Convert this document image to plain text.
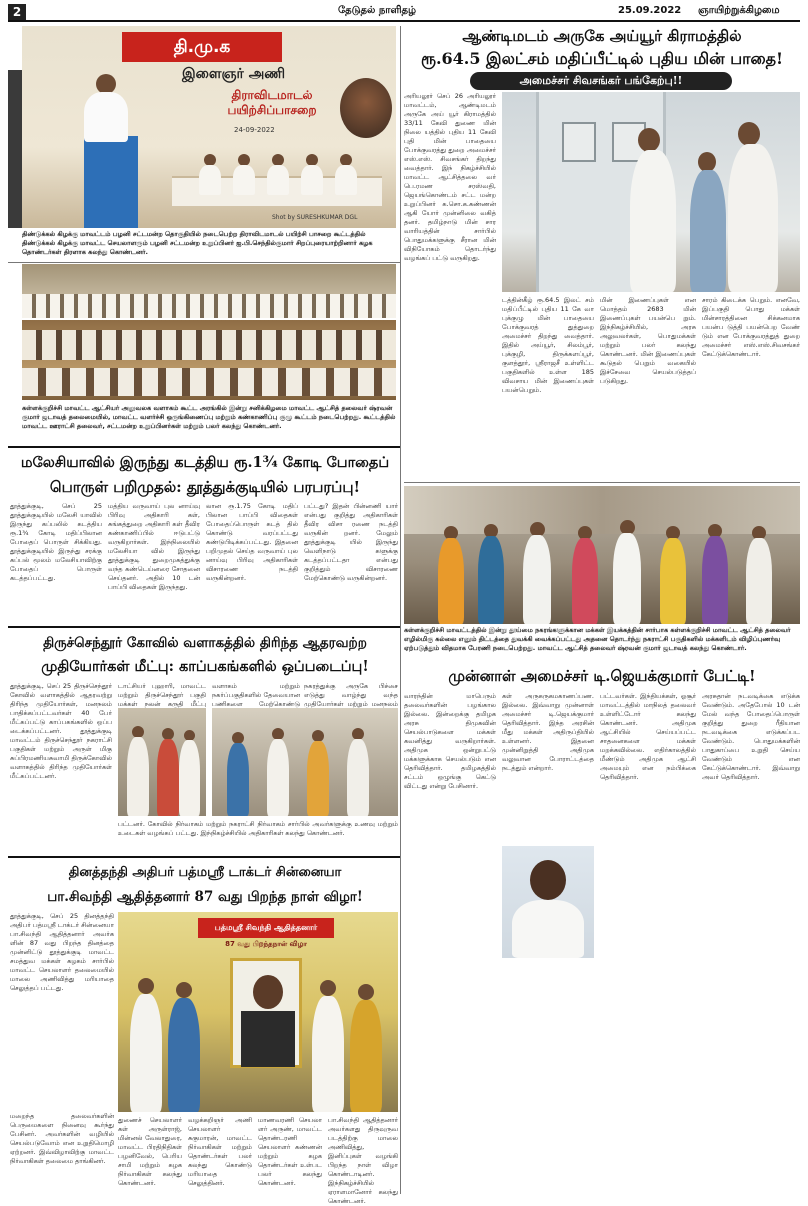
2	தேடுதல் நாளிதழ்	25.09.2022 ஞாயிற்றுக்கிழமை
தி.மு.க
இளைஞர் அணி
திராவிடமாடல் பயிற்சிப்பாசறை
24-09-2022
Shot by SURESHKUMAR DGL
திண்டுக்கல் கிழக்கு மாவட்டம் பழனி சட்டமன்ற தொகுதியில் நடைபெற்ற திராவிடமாடல் பயிற்சி பாசறை கூட்டத்தில் திண்டுக்கல் கிழக்கு மாவட்ட செயலாளரும் பழனி சட்டமன்ற உறுப்பினர் ஐ.பி.செந்தில்குமார் சிறப்புரையாற்றினார் கழக தொண்டர்கள் திரளாக கலந்து கொண்டனர்.
ஆண்டிமடம் அருகே அய்யூர் கிராமத்தில்
ரூ.64.5 இலட்சம் மதிப்பீட்டில் புதிய மின் பாதை!
அமைச்சர் சிவசங்கர் பங்கேற்பு!!
அரியலூர் செப் 26 அரியலூர் மாவட்டம், ஆண்டிமடம் அருகே அய் யூர் கிராமத்தில் 33/11 கேவி துணை மின் நிலை யத்தில் புதிய 11 கேவி புதி மின் பாதையை போக்குவரத்து துறை அமைச்சர் எஸ்.எஸ். சிவசங்கர் திறந்து வைத்தார். இந் நிகழ்ச்சியில் மாவட்ட ஆட்சித்தலை வர் பெ.ரமண சரஸ்வதி, ஜெயங்கொண்டம் சட்ட மன்ற உறுப்பினர் க.சொ.க.கண்ணன் ஆகி யோர் முன்னிலை வகித் தனர். தமிழ்நாடு மின் சார வாரியத்தின் சார்பில் பொதுமக்களுக்கு சீரான மின் விநியோகம் தொடர்ந்து வழங்கப் பட்டு வருகிறது.
டத்தின்கீழ் ரூ.64.5 இலட் சம் மதிப்பீட்டில் புதிய 11 கே வா புக்குழு மின் பாதையை போக்குவரத் துத்துறை அமைச்சர் திறந்து வைத்தார். இதில் அய்யூர், சிலம்பூர், புக்குழி, திருக்களப்பூர், குளத்தூர், ஸ்ரீராஜசீ உள்ளிட்ட பகுதிகளில் உள்ள 185 விவசாய மின் இணைப்புகள் பயன்பெறும்.
மின் இணைப்புகள் என மொத்தம் 2683 மின் இணைப்புகள் பயன்பெ றும். இந்நிகழ்ச்சியில், அரசு அலுவலர்கள், பொதுமக்கள் மற்றும் பலர் கலந்து கொண்டனர். மின் இணைப்புகள் கூடுதல் பெறும் வகையில் இச்சேவை செயல்படுத்தப் படுகிறது.
சாரம் கிடைக்க பெறும். எனவே, இப்பகுதி பொது மக்கள் மின்சாரத்தினை சிக்கனமாக பயன்ப டுத்தி பயன்பெற வேண் டும் என போக்குவரத்துத் துறை அமைச்சர் எஸ்.எஸ்.சிவசங்கர் கேட்டுக்கொண்டார்.
கள்ளக்குறிச்சி மாவட்ட ஆட்சியர் அலுவலக வளாகம் கூட்ட அரங்கில் இன்று சனிக்கிழமை மாவட்ட ஆட்சித் தலைவர் ஷ்ரவன் குமார் ஜடாவத் தலைமையில், மாவட்ட வளர்ச்சி ஒருங்கிணைப்பு மற்றும் கண்காணிப்பு குழு கூட்டம் நடைபெற்றது. கூட்டத்தில் மாவட்ட ஊராட்சி தலைவர், சட்டமன்ற உறுப்பினர்கள் மற்றும் பலர் கலந்து கொண்டனர்.
மலேசியாவில் இருந்து கடத்திய ரூ.1¾ கோடி போதைப்
பொருள் பறிமுதல்: தூத்துக்குடியில் பரபரப்பு!
தூத்துக்குடி, செப் 25 தூத்துக்குடியில் மலேசி யாவில் இருந்து கப்பலில் கடத்திய ரூ.1¾ கோடி மதிப்பிலான போதைப் பொருள் சிக்கியது. தூத்துக்குடியில் இருந்து சரக்கு கப்பல் மூலம் மலேசியாவிற்கு போதைப் பொருள் கடத்தப்பட்டது.
மத்திய வருவாய் புல னாய்வு பிரிவு அதிகாரி கள், சுங்கத்துறை அதிகாரி கள் தீவிர கண்காணிப்பில் ஈடுபட்டு வருகிறார்கள். இந்நிலையில் மலேசியா வில் இருந்து தூத்துக்குடி துறைமுகத்துக்கு வந்த கண்டெய்னரை சோதனை செய்தனர். அதில் 10 டன் பாப்பி விதைகள் இருந்தது.
லான ரூ.1.75 கோடி மதிப் பிலான பாப்பி விதைகள் போதைப்பொருள் கடத் தில் கொண்டு வரப்பட்டது கண்டுபிடிக்கப்பட்டது. இதனை பறிமுதல் செய்த வருவாய் புல னாய்வு பிரிவு அதிகாரிகள் விசாரணை நடத்தி வருகின்றனர்.
பட்டது? இதன் பின்னணி யார் என்பது குறித்து அதிகாரிகள் தீவிர விசா ரணை நடத்தி வருகின் றனர். மேலும் தூத்துக்குடி யில் இருந்து வெளிநாடு களுக்கு கடத்தப்பட்டதா என்பது குறித்தும் விசாரணை மேற்கொண்டு வருகின்றனர்.
கள்ளக்குறிச்சி மாவட்டத்தில் இன்று தூய்மை நகரங்களுக்கான மக்கள் இயக்கத்தின் சார்பாக கள்ளக்குறிச்சி மாவட்ட ஆட்சித் தலைவர் எழில்மிகு கல்லை எனும் திட்டத்தை துவக்கி வைக்கப்பட்டது அதனை தொடர்ந்து நகராட்சி பகுதிகளில் மக்களிடம் விழிப்புணர்வு ஏற்படுத்தும் விதமாக பேரணி நடைபெற்றது. மாவட்ட ஆட்சித் தலைவர் ஷ்ரவன் குமார் ஜடாவத் கலந்து கொண்டார்.
திருச்செந்தூர் கோவில் வளாகத்தில் திரிந்த ஆதரவற்ற
முதியோர்கள் மீட்பு: காப்பகங்களில் ஒப்படைப்பு!
தூத்துக்குடி, செப் 25 திருச்செந்தூர் கோவில் வளாகத்தில் ஆதரவற்று திரிந்த முதியோர்கள், மனநலம் பாதிக்கப்பட்டவர்கள் 40 பேர் மீட்கப்பட்டு காப்பகங்களில் ஒப்ப டைக்கப்பட்டனர். தூத்துக்குடி மாவட்டம் திருச்செந்தூர் நகராட்சி பகுதிகள் மற்றும் அருள் மிகு சுப்பிரமணியசுவாமி திருக்கோவில் வளாகத்தில் திரிந்த முதியோர்கள் மீட்கப்பட்டனர்.
டாட்சியர் புஹாரி, மாவட்ட மற்றும் திருச்செந்தூர் பகுதி மக்கள் நலன் கருதி மீட்பு
வளாகம் மற்றும் நகர்ப்பகுதிகளில் தேவையான பணிகளை மேற்கொண்டு
நகரத்துக்கு அருகே பிச்சை எடுத்து வாழ்ந்து வந்த முதியோர்கள் மற்றும் மனநலம்
பட்டனர். கோவில் நிர்வாகம் மற்றும் நகராட்சி நிர்வாகம் சார்பில் அவர்களுக்கு உணவு மற்றும் உடைகள் வழங்கப் பட்டது. இந்நிகழ்ச்சியில் அதிகாரிகள் கலந்து கொண்டனர்.
முன்னாள் அமைச்சர் டி.ஜெயக்குமார் பேட்டி!
வாரந்தின் மாபெரும் தலைவர்களின் பழங்கால இல்லை. இன்றைக்கு தமிழக அரசு திமுகவின் செயல்பாடுகளை மக்கள் கவனித்து வருகிறார்கள். அதிமுக ஒன்றுபட்டு மக்களுக்காக செயல்படும் என தெரிவித்தார். தமிழகத்தில் சட்டம் ஒழுங்கு கெட்டு விட்டது என்று பேசினார்.
கள் அருகருகமகாணப்பண. இல்லை. இவ்வாறு முன்னாள் அமைச்சர் டி.ஜெயக்குமார் தெரிவித்தார். இந்த அரசின் மீது மக்கள் அதிருப்தியில் உள்ளனர். இதனை முன்னிறுத்தி அதிமுக வலுவான போராட்டத்தை நடத்தும் என்றார்.
பட்டவர்கள். இந்தியக்கள், ஓசூர் மாவட்டத்தில் மாநிலத் தலைவர் உள்ளிட்டோர் கலந்து கொண்டனர். அதிமுக ஆட்சியில் செய்யப்பட்ட சாதனைகளை மக்கள் மறக்கவில்லை. எதிர்காலத்தில் மீண்டும் அதிமுக ஆட்சி அமையும் என நம்பிக்கை தெரிவித்தார்.
அரசுதான் நடவடிக்கை எடுக்க வேண்டும். அதேபோல் 10 டன் மேல் வந்த போதைப்பொருள் குறித்து துறை ரீதியான நடவடிக்கை எடுக்கப்பட வேண்டும். பொதுமக்களின் பாதுகாப்பை உறுதி செய்ய வேண்டும் என கேட்டுக்கொண்டார். இவ்வாறு அவர் தெரிவித்தார்.
தினத்தந்தி அதிபர் பத்மஸ்ரீ டாக்டர் சின்னையா
பா.சிவந்தி ஆதித்தனார் 87 வது பிறந்த நாள் விழா!
தூத்துக்குடி, செப் 25 தினத்தந்தி அதிபர் பத்மஸ்ரீ டாக்டர் சின்னையா பா.சிவந்தி ஆதித்தனார் அவர்க ளின் 87 வது பிறந்த தினத்தை முன்னிட்டு தூத்துக்குடி மாவட்ட சமத்துவ மக்கள் கழகம் சார்பில் மாவட்ட செயலாளர் தலைமையில் மாலை அணிவித்து மரியாதை செலுத்தப் பட்டது.
பத்மஸ்ரீ சிவந்தி ஆதித்தனார்
87 வது பிறந்தநாள் விழா
துணைச் செயலாளர் கள் அருள்ராஜ், மின்னல் வேலாதுரை, மாவட்ட பிரதிநிதிகள் பழனிவேல், பெரிய சாமி மற்றும் கழக நிர்வாகிகள் கலந்து கொண்டனர்.
வழக்கறிஞர் அணி செயலாளர் சுகுமாரன், மாவட்ட நிர்வாகிகள் மற்றும் தொண்டர்கள் பலர் கலந்து கொண்டு மரியாதை செலுத்தினர்.
மாணவரணி செயலா ளர் அருண், மாவட்ட தொண்டரணி செயலாளர் கண்ணன் மற்றும் கழக தொண்டர்கள் உள்பட பலர் கலந்து கொண்டனர்.
பா.சிவந்தி ஆதித்தனார் அவர்களது திருவுருவ படத்திற்கு மாலை அணிவித்து, இனிப்புகள் வழங்கி பிறந்த நாள் விழா கொண்டாடினர். இந்நிகழ்ச்சியில் ஏராளமானோர் கலந்து கொண்டனர்.
மறைந்த தலைவர்களின் பெருமைகளை நினைவு கூர்ந்து பேசினர். அவர்களின் வழியில் செயல்படுவோம் என உறுதிமொழி ஏற்றனர். இவ்விழாவிற்கு மாவட்ட நிர்வாகிகள் தலைமை தாங்கினர்.
